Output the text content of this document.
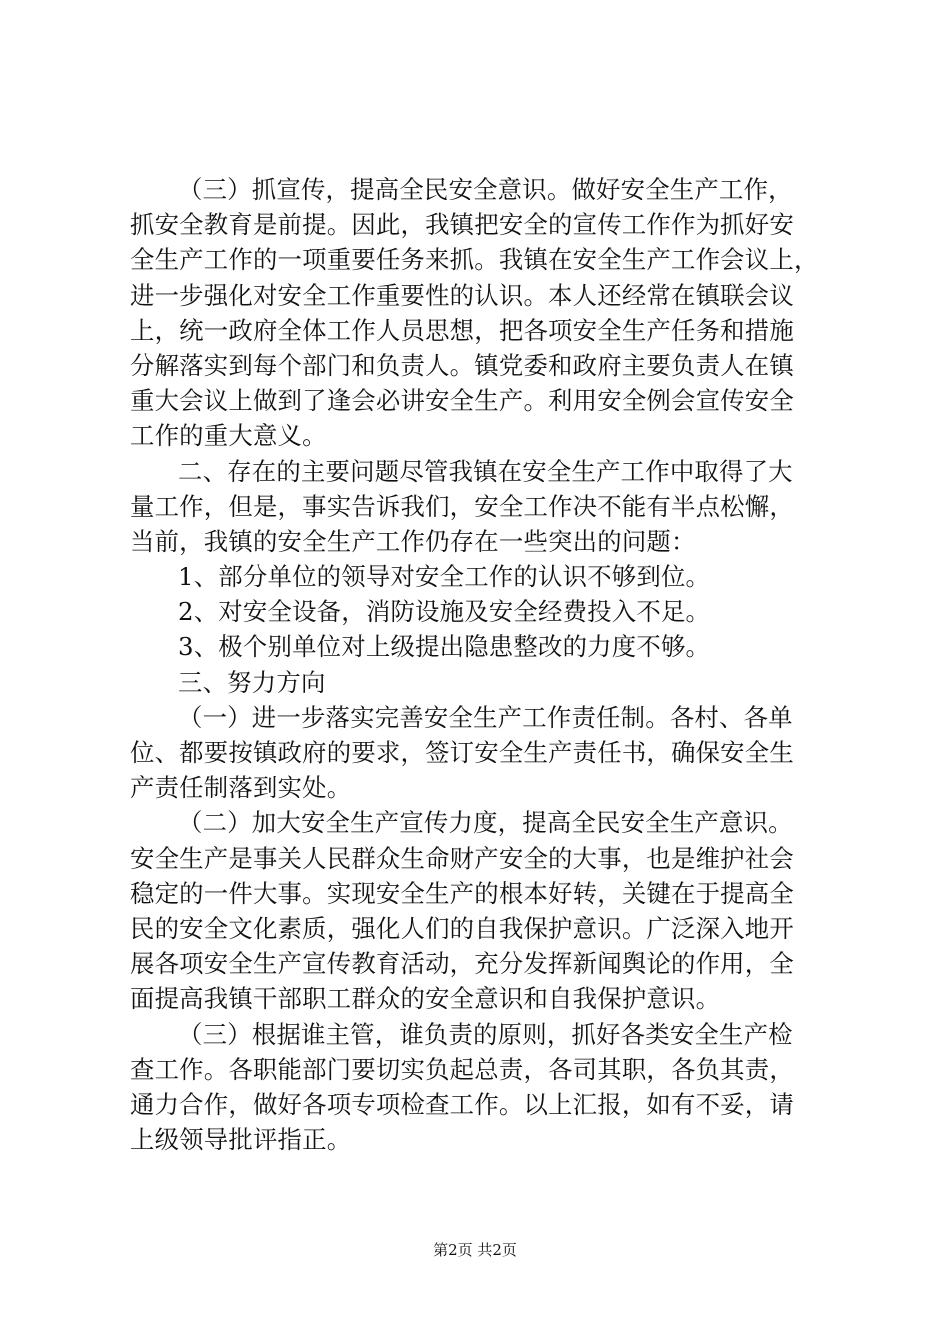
（三）抓宣传，提高全民安全意识。做好安全生产工作，
抓安全教育是前提。因此，我镇把安全的宣传工作作为抓好安
全生产工作的一项重要任务来抓。我镇在安全生产工作会议上，
进一步强化对安全工作重要性的认识。本人还经常在镇联会议
上，统一政府全体工作人员思想，把各项安全生产任务和措施
分解落实到每个部门和负责人。镇党委和政府主要负责人在镇
重大会议上做到了逢会必讲安全生产。利用安全例会宣传安全
工作的重大意义。
二、存在的主要问题尽管我镇在安全生产工作中取得了大
量工作，但是，事实告诉我们，安全工作决不能有半点松懈，
当前，我镇的安全生产工作仍存在一些突出的问题：
1、部分单位的领导对安全工作的认识不够到位。
2、对安全设备，消防设施及安全经费投入不足。
3、极个别单位对上级提出隐患整改的力度不够。
三、努力方向
（一）进一步落实完善安全生产工作责任制。各村、各单
位、都要按镇政府的要求，签订安全生产责任书，确保安全生
产责任制落到实处。
（二）加大安全生产宣传力度，提高全民安全生产意识。
安全生产是事关人民群众生命财产安全的大事，也是维护社会
稳定的一件大事。实现安全生产的根本好转，关键在于提高全
民的安全文化素质，强化人们的自我保护意识。广泛深入地开
展各项安全生产宣传教育活动，充分发挥新闻舆论的作用，全
面提高我镇干部职工群众的安全意识和自我保护意识。
（三）根据谁主管，谁负责的原则，抓好各类安全生产检
查工作。各职能部门要切实负起总责，各司其职，各负其责，
通力合作，做好各项专项检查工作。以上汇报，如有不妥，请
上级领导批评指正。
第2页 共2页
